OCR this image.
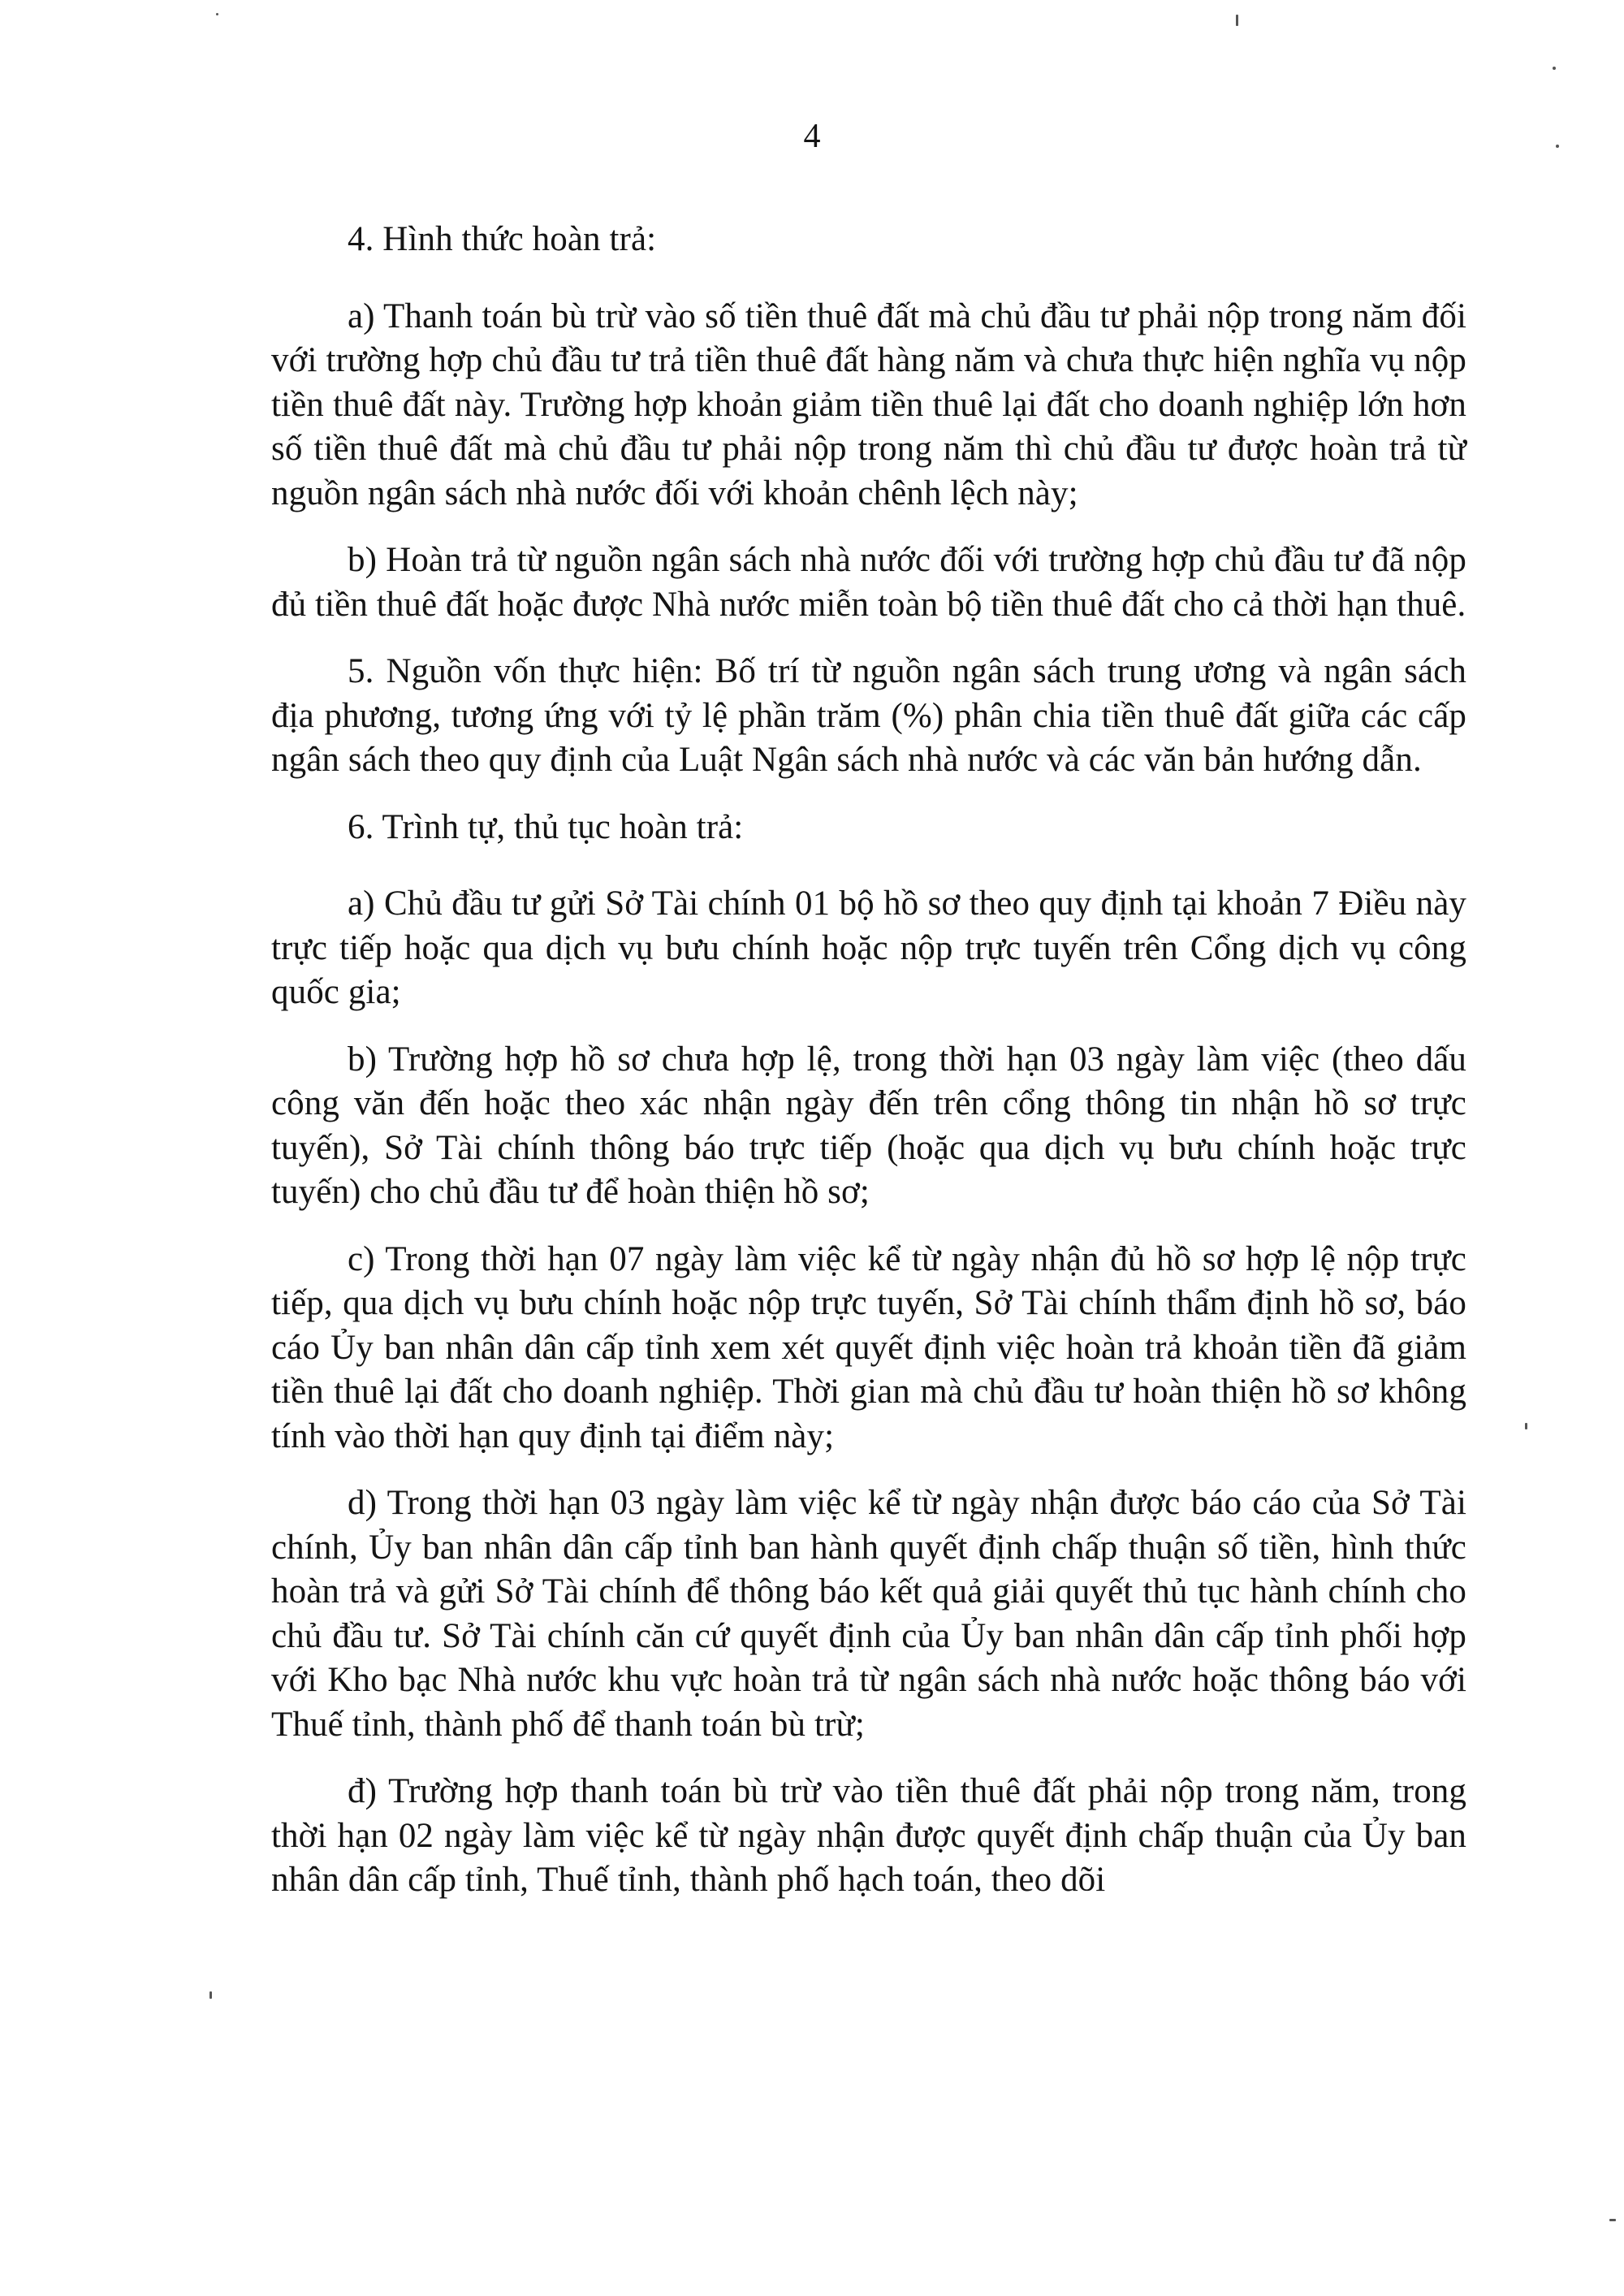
4

4. Hình thức hoàn trả:

a) Thanh toán bù trừ vào số tiền thuê đất mà chủ đầu tư phải nộp trong năm đối với trường hợp chủ đầu tư trả tiền thuê đất hàng năm và chưa thực hiện nghĩa vụ nộp tiền thuê đất này. Trường hợp khoản giảm tiền thuê lại đất cho doanh nghiệp lớn hơn số tiền thuê đất mà chủ đầu tư phải nộp trong năm thì chủ đầu tư được hoàn trả từ nguồn ngân sách nhà nước đối với khoản chênh lệch này;

b) Hoàn trả từ nguồn ngân sách nhà nước đối với trường hợp chủ đầu tư đã nộp đủ tiền thuê đất hoặc được Nhà nước miễn toàn bộ tiền thuê đất cho cả thời hạn thuê.

5. Nguồn vốn thực hiện: Bố trí từ nguồn ngân sách trung ương và ngân sách địa phương, tương ứng với tỷ lệ phần trăm (%) phân chia tiền thuê đất giữa các cấp ngân sách theo quy định của Luật Ngân sách nhà nước và các văn bản hướng dẫn.

6. Trình tự, thủ tục hoàn trả:

a) Chủ đầu tư gửi Sở Tài chính 01 bộ hồ sơ theo quy định tại khoản 7 Điều này trực tiếp hoặc qua dịch vụ bưu chính hoặc nộp trực tuyến trên Cổng dịch vụ công quốc gia;

b) Trường hợp hồ sơ chưa hợp lệ, trong thời hạn 03 ngày làm việc (theo dấu công văn đến hoặc theo xác nhận ngày đến trên cổng thông tin nhận hồ sơ trực tuyến), Sở Tài chính thông báo trực tiếp (hoặc qua dịch vụ bưu chính hoặc trực tuyến) cho chủ đầu tư để hoàn thiện hồ sơ;

c) Trong thời hạn 07 ngày làm việc kể từ ngày nhận đủ hồ sơ hợp lệ nộp trực tiếp, qua dịch vụ bưu chính hoặc nộp trực tuyến, Sở Tài chính thẩm định hồ sơ, báo cáo Ủy ban nhân dân cấp tỉnh xem xét quyết định việc hoàn trả khoản tiền đã giảm tiền thuê lại đất cho doanh nghiệp. Thời gian mà chủ đầu tư hoàn thiện hồ sơ không tính vào thời hạn quy định tại điểm này;

d) Trong thời hạn 03 ngày làm việc kể từ ngày nhận được báo cáo của Sở Tài chính, Ủy ban nhân dân cấp tỉnh ban hành quyết định chấp thuận số tiền, hình thức hoàn trả và gửi Sở Tài chính để thông báo kết quả giải quyết thủ tục hành chính cho chủ đầu tư. Sở Tài chính căn cứ quyết định của Ủy ban nhân dân cấp tỉnh phối hợp với Kho bạc Nhà nước khu vực hoàn trả từ ngân sách nhà nước hoặc thông báo với Thuế tỉnh, thành phố để thanh toán bù trừ;

đ) Trường hợp thanh toán bù trừ vào tiền thuê đất phải nộp trong năm, trong thời hạn 02 ngày làm việc kể từ ngày nhận được quyết định chấp thuận của Ủy ban nhân dân cấp tỉnh, Thuế tỉnh, thành phố hạch toán, theo dõi
